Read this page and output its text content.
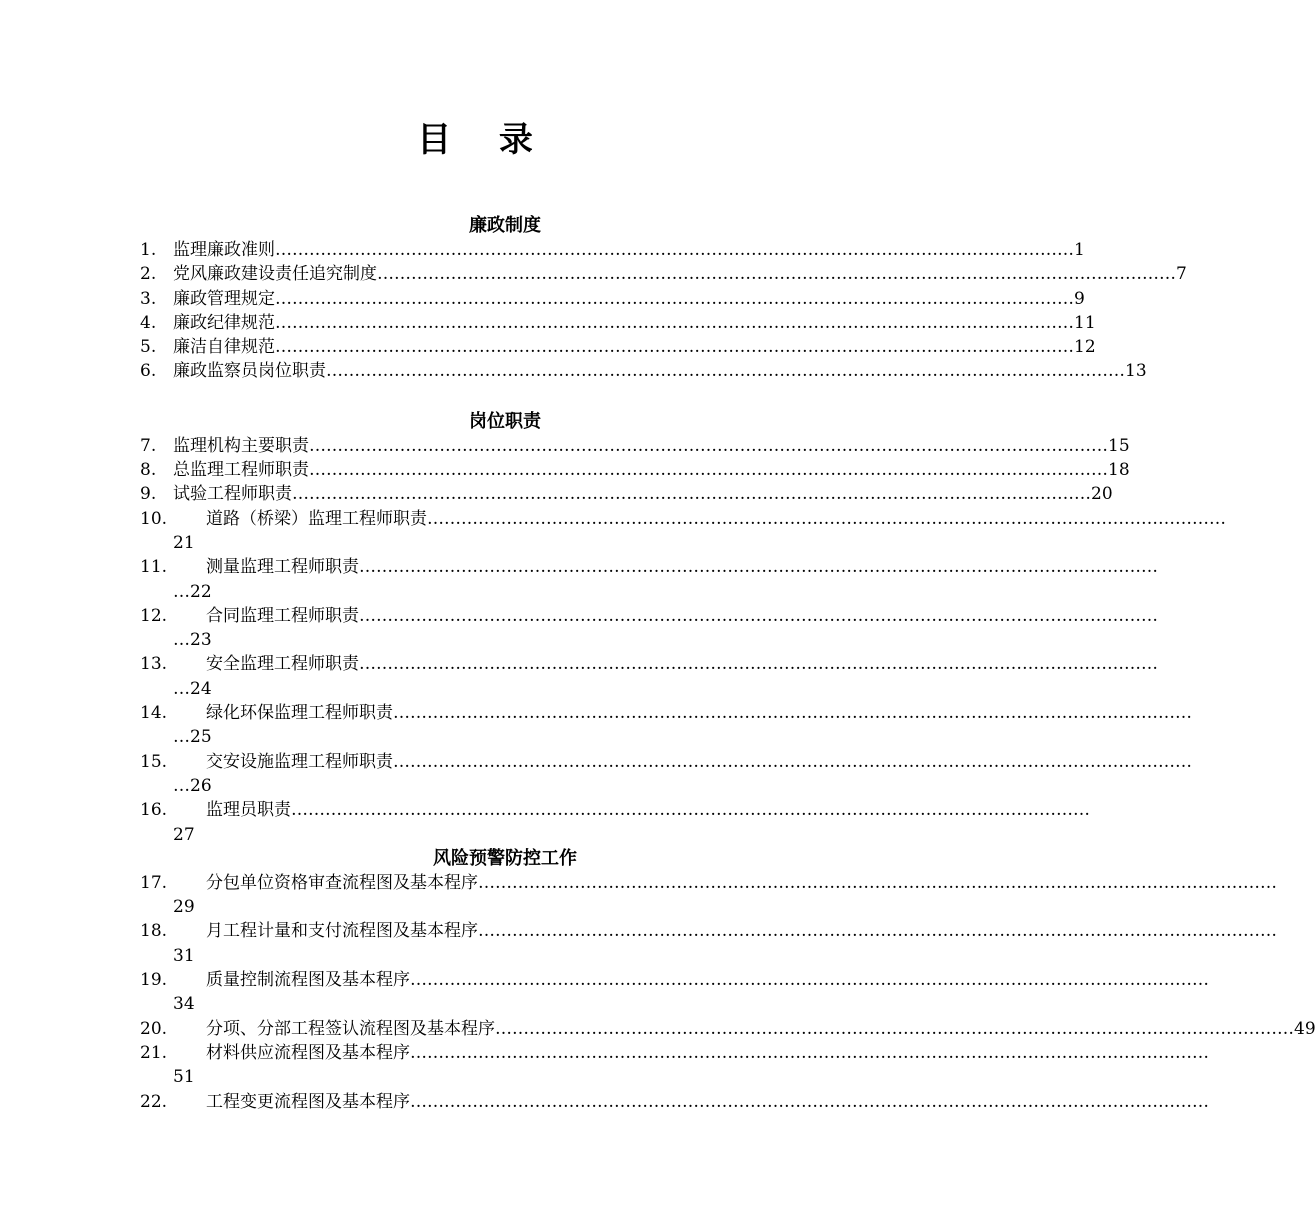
目 录
廉政制度
1. 监理廉政准则 …………………………………………………………………………………………………………………………… 1
2. 党风廉政建设责任追究制度 …………………………………………………………………………………………………………………………… 7
3. 廉政管理规定 …………………………………………………………………………………………………………………………… 9
4. 廉政纪律规范 …………………………………………………………………………………………………………………………… 11
5. 廉洁自律规范 …………………………………………………………………………………………………………………………… 12
6. 廉政监察员岗位职责 …………………………………………………………………………………………………………………………… 13
岗位职责
7. 监理机构主要职责 …………………………………………………………………………………………………………………………… 15
8. 总监理工程师职责 …………………………………………………………………………………………………………………………… 18
9. 试验工程师职责 …………………………………………………………………………………………………………………………… 20
10. 道路（桥梁）监理工程师职责 ……………………………………………………………………………………………………………………………
21
11. 测量监理工程师职责 ……………………………………………………………………………………………………………………………
…22
12. 合同监理工程师职责 ……………………………………………………………………………………………………………………………
…23
13. 安全监理工程师职责 ……………………………………………………………………………………………………………………………
…24
14. 绿化环保监理工程师职责 ……………………………………………………………………………………………………………………………
…25
15. 交安设施监理工程师职责 ……………………………………………………………………………………………………………………………
…26
16. 监理员职责 ……………………………………………………………………………………………………………………………
27
风险预警防控工作
17. 分包单位资格审查流程图及基本程序 ……………………………………………………………………………………………………………………………
29
18. 月工程计量和支付流程图及基本程序 ……………………………………………………………………………………………………………………………
31
19. 质量控制流程图及基本程序 ……………………………………………………………………………………………………………………………
34
20. 分项、分部工程签认流程图及基本程序 …………………………………………………………………………………………………………………………… 49
21. 材料供应流程图及基本程序 ……………………………………………………………………………………………………………………………
51
22. 工程变更流程图及基本程序 ……………………………………………………………………………………………………………………………
